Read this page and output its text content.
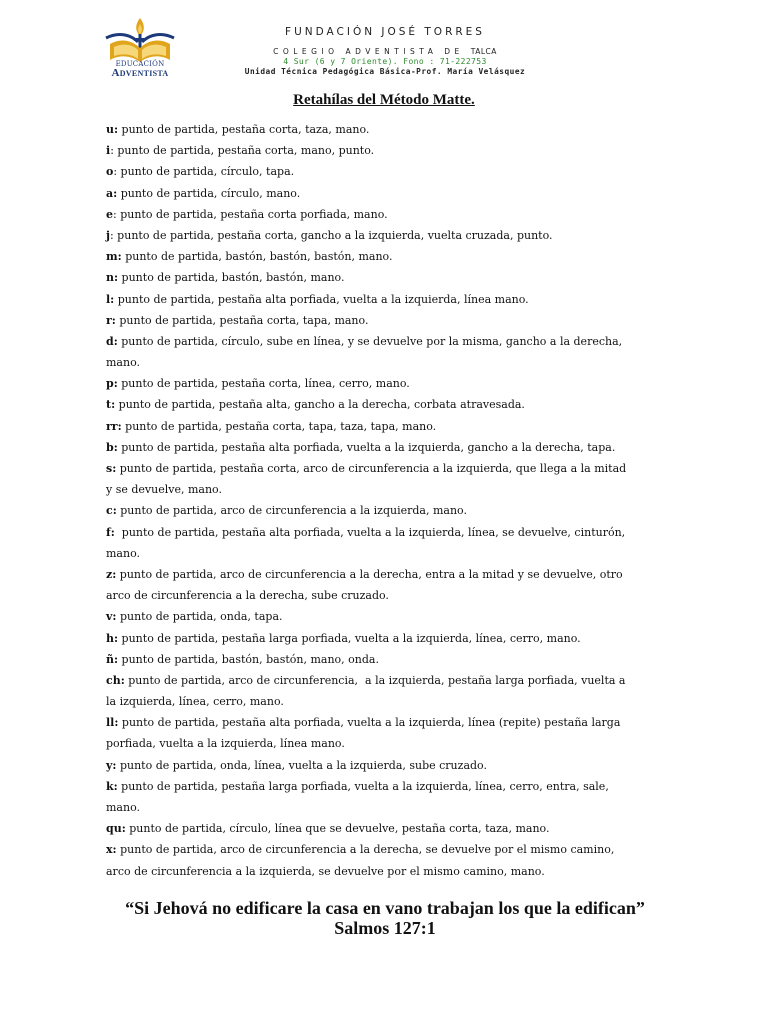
EDUCACIÓN
Adventista
FUNDACIÓN JOSÉ TORRES
COLEGIO ADVENTISTA DE TALCA
4 Sur (6 y 7 Oriente). Fono : 71-222753
Unidad Técnica Pedagógica Básica-Prof. María Velásquez
Retahílas del Método Matte.
u: punto de partida, pestaña corta, taza, mano.
i: punto de partida, pestaña corta, mano, punto.
o: punto de partida, círculo, tapa.
a: punto de partida, círculo, mano.
e: punto de partida, pestaña corta porfiada, mano.
j: punto de partida, pestaña corta, gancho a la izquierda, vuelta cruzada, punto.
m: punto de partida, bastón, bastón, bastón, mano.
n: punto de partida, bastón, bastón, mano.
l: punto de partida, pestaña alta porfiada, vuelta a la izquierda, línea mano.
r: punto de partida, pestaña corta, tapa, mano.
d: punto de partida, círculo, sube en línea, y se devuelve por la misma, gancho a la derecha,
mano.
p: punto de partida, pestaña corta, línea, cerro, mano.
t: punto de partida, pestaña alta, gancho a la derecha, corbata atravesada.
rr: punto de partida, pestaña corta, tapa, taza, tapa, mano.
b: punto de partida, pestaña alta porfiada, vuelta a la izquierda, gancho a la derecha, tapa.
s: punto de partida, pestaña corta, arco de circunferencia a la izquierda, que llega a la mitad
y se devuelve, mano.
c: punto de partida, arco de circunferencia a la izquierda, mano.
f:  punto de partida, pestaña alta porfiada, vuelta a la izquierda, línea, se devuelve, cinturón,
mano.
z: punto de partida, arco de circunferencia a la derecha, entra a la mitad y se devuelve, otro
arco de circunferencia a la derecha, sube cruzado.
v: punto de partida, onda, tapa.
h: punto de partida, pestaña larga porfiada, vuelta a la izquierda, línea, cerro, mano.
ñ: punto de partida, bastón, bastón, mano, onda.
ch: punto de partida, arco de circunferencia,  a la izquierda, pestaña larga porfiada, vuelta a
la izquierda, línea, cerro, mano.
ll: punto de partida, pestaña alta porfiada, vuelta a la izquierda, línea (repite) pestaña larga
porfiada, vuelta a la izquierda, línea mano.
y: punto de partida, onda, línea, vuelta a la izquierda, sube cruzado.
k: punto de partida, pestaña larga porfiada, vuelta a la izquierda, línea, cerro, entra, sale,
mano.
qu: punto de partida, círculo, línea que se devuelve, pestaña corta, taza, mano.
x: punto de partida, arco de circunferencia a la derecha, se devuelve por el mismo camino,
arco de circunferencia a la izquierda, se devuelve por el mismo camino, mano.
“Si Jehová no edificare la casa en vano trabajan los que la edifican”
Salmos 127:1
